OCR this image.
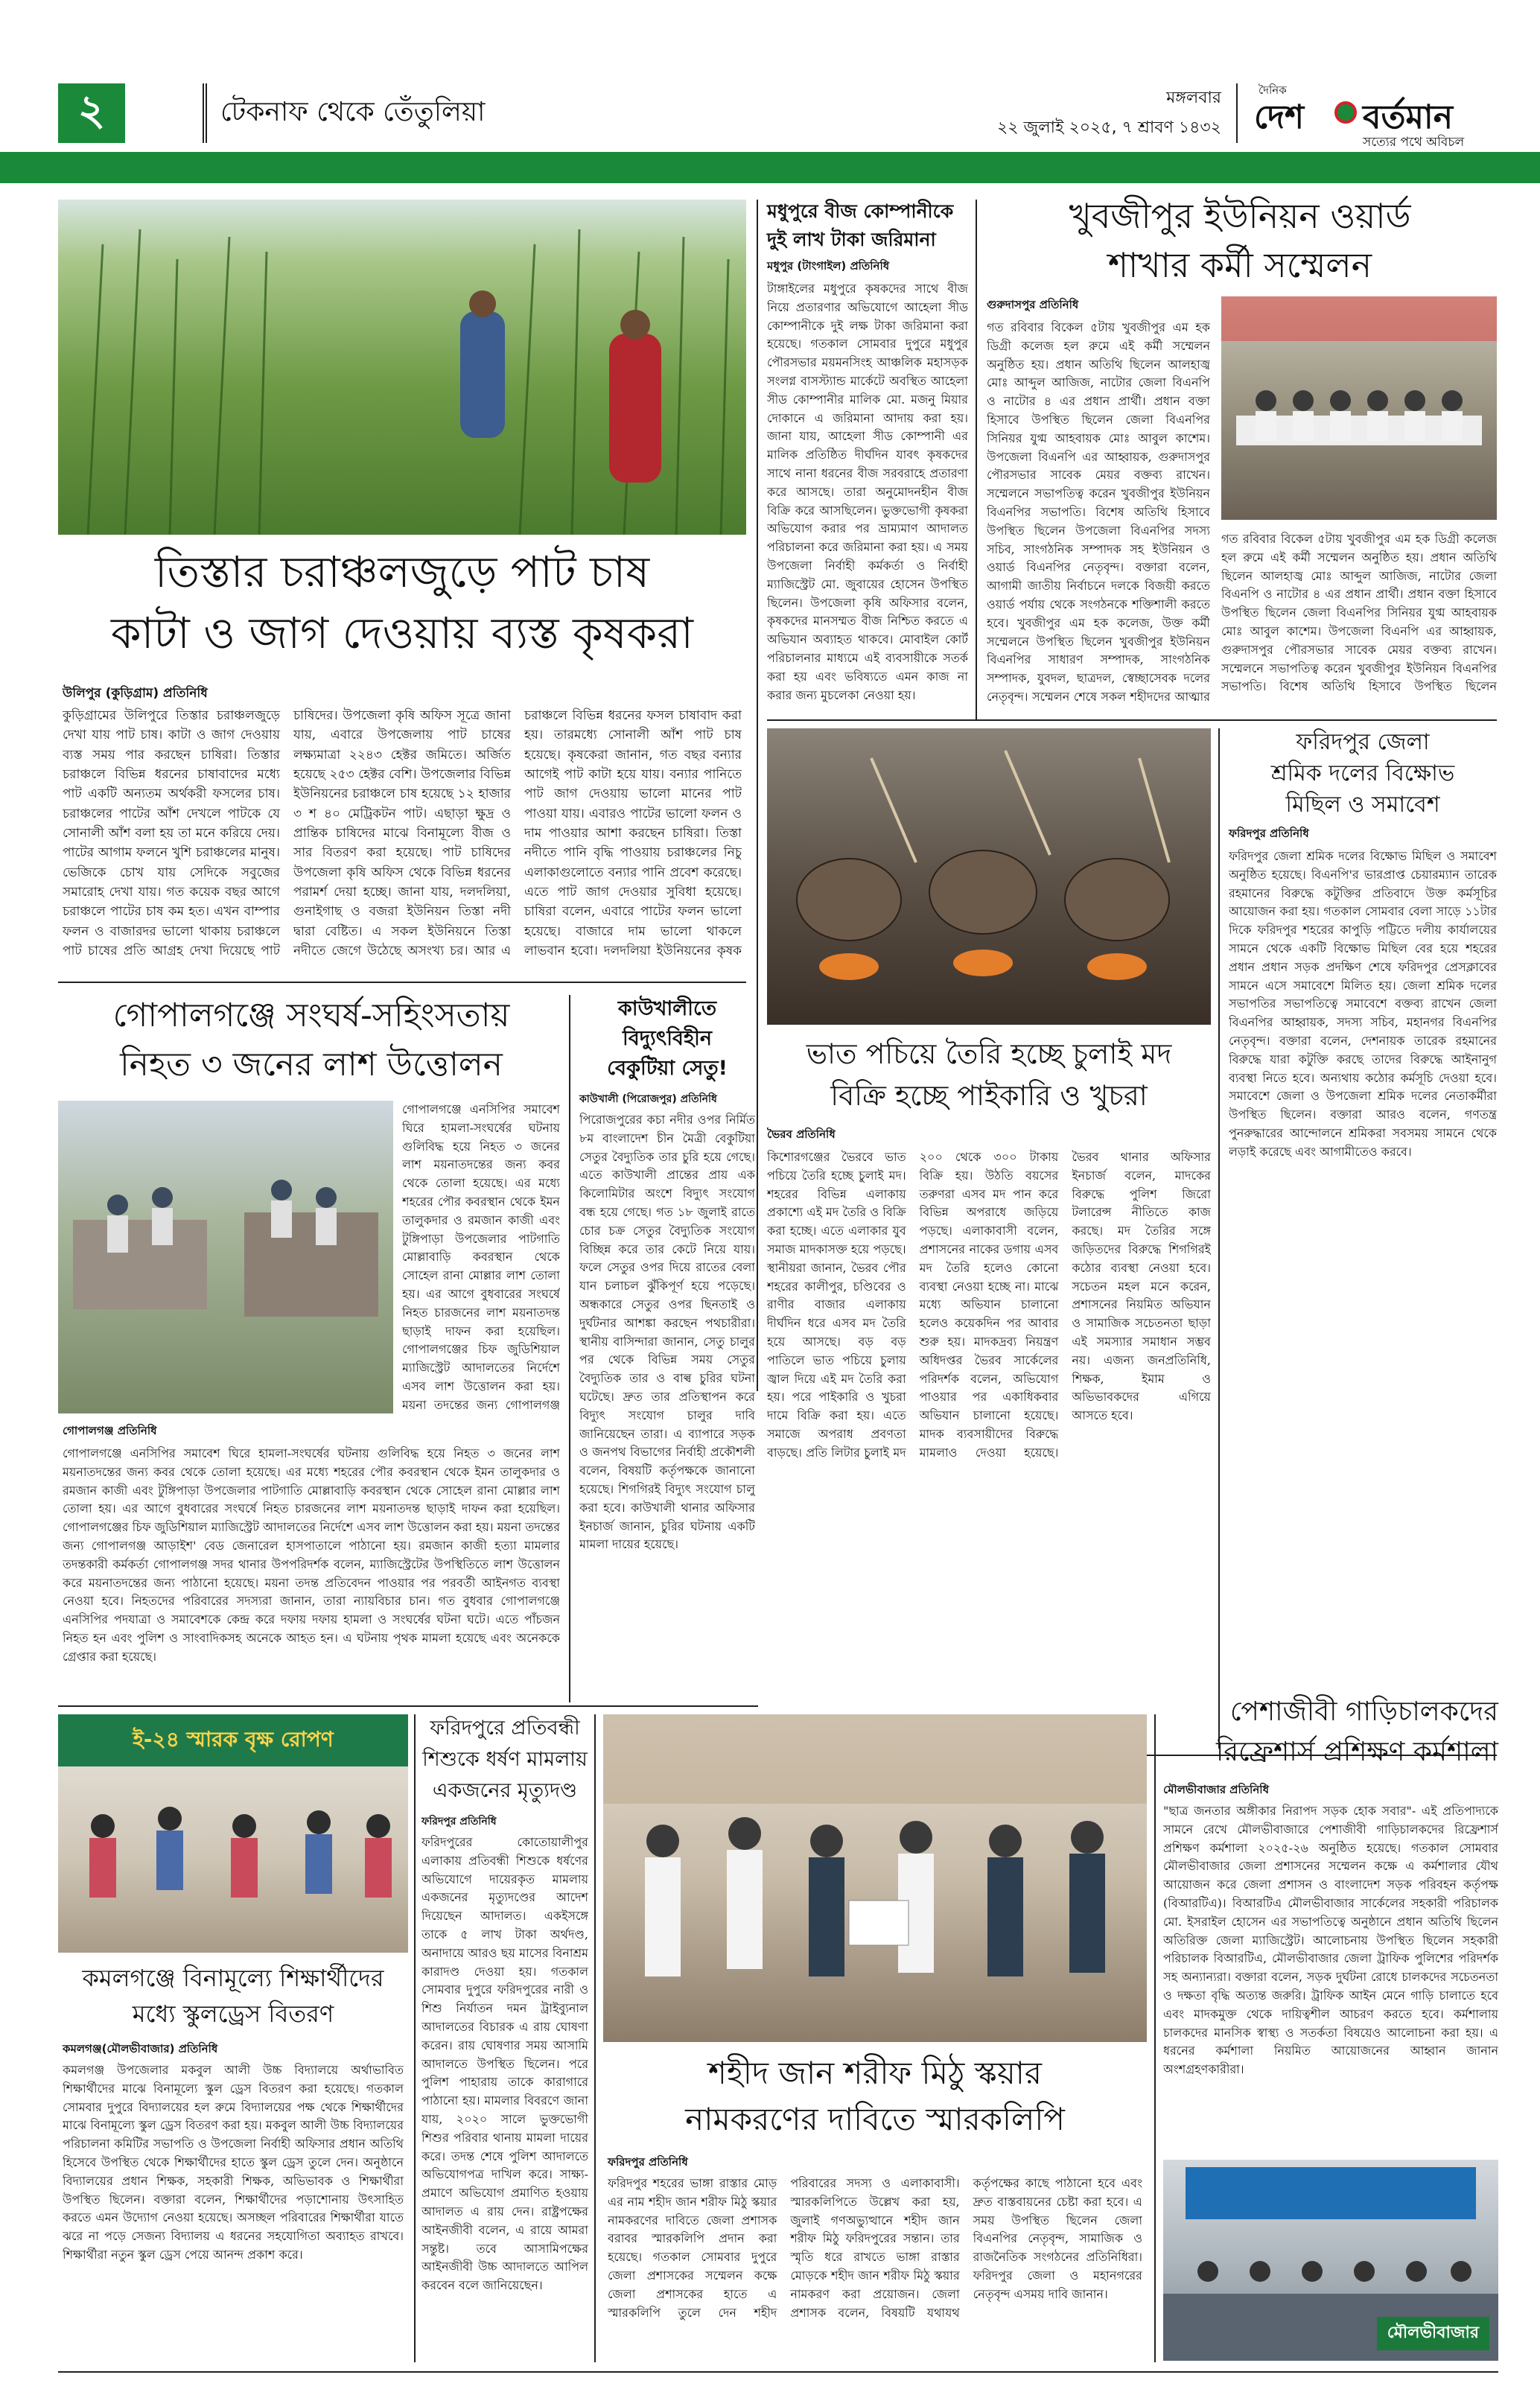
২	টেকনাফ থেকে তেঁতুলিয়া	মঙ্গলবার
২২ জুলাই ২০২৫, ৭ শ্রাবণ ১৪৩২
দৈনিক
দেশ বর্তমান
সত্যের পথে অবিচল
তিস্তার চরাঞ্চলজুড়ে পাট চাষ
কাটা ও জাগ দেওয়ায় ব্যস্ত কৃষকরা
উলিপুর (কুড়িগ্রাম) প্রতিনিধি
কুড়িগ্রামের উলিপুরে তিস্তার চরাঞ্চলজুড়ে দেখা যায় পাট চাষ। কাটা ও জাগ দেওয়ায় ব্যস্ত সময় পার করছেন চাষিরা। তিস্তার চরাঞ্চলে বিভিন্ন ধরনের চাষাবাদের মধ্যে পাট একটি অন্যতম অর্থকরী ফসলের চাষ। চরাঞ্চলের পাটের আঁশ দেখলে পাটকে যে সোনালী আঁশ বলা হয় তা মনে করিয়ে দেয়। পাটের আগাম ফলনে খুশি চরাঞ্চলের মানুষ। ভেজিকে চোখ যায় সেদিকে সবুজের সমারোহ দেখা যায়। গত কয়েক বছর আগে চরাঞ্চলে পাটের চাষ কম হত। এখন বাম্পার ফলন ও বাজারদর ভালো থাকায় চরাঞ্চলে পাট চাষের প্রতি আগ্রহ দেখা দিয়েছে পাট চাষিদের। উপজেলা কৃষি অফিস সূত্রে জানা যায়, এবারে উপজেলায় পাট চাষের লক্ষ্যমাত্রা ২২৪৩ হেক্টর জমিতে। অর্জিত হয়েছে ২৫৩ হেক্টর বেশি। উপজেলার বিভিন্ন ইউনিয়নের চরাঞ্চলে চাষ হয়েছে ১২ হাজার ৩ শ ৪০ মেট্রিকটন পাট। এছাড়া ক্ষুদ্র ও প্রান্তিক চাষিদের মাঝে বিনামূল্যে বীজ ও সার বিতরণ করা হয়েছে। পাট চাষিদের উপজেলা কৃষি অফিস থেকে বিভিন্ন ধরনের পরামর্শ দেয়া হচ্ছে। জানা যায়, দলদলিয়া, গুনাইগাছ ও বজরা ইউনিয়ন তিস্তা নদী দ্বারা বেষ্টিত। এ সকল ইউনিয়নে তিস্তা নদীতে জেগে উঠেছে অসংখ্য চর। আর এ চরাঞ্চলে বিভিন্ন ধরনের ফসল চাষাবাদ করা হয়। তারমধ্যে সোনালী আঁশ পাট চাষ হয়েছে। কৃষকেরা জানান, গত বছর বন্যার আগেই পাট কাটা হয়ে যায়। বন্যার পানিতে পাট জাগ দেওয়ায় ভালো মানের পাট পাওয়া যায়। এবারও পাটের ভালো ফলন ও দাম পাওয়ার আশা করছেন চাষিরা। তিস্তা নদীতে পানি বৃদ্ধি পাওয়ায় চরাঞ্চলের নিচু এলাকাগুলোতে বন্যার পানি প্রবেশ করেছে। এতে পাট জাগ দেওয়ার সুবিধা হয়েছে। চাষিরা বলেন, এবারে পাটের ফলন ভালো হয়েছে। বাজারে দাম ভালো থাকলে লাভবান হবো। দলদলিয়া ইউনিয়নের কৃষক
মধুপুরে বীজ কোম্পানীকে
দুই লাখ টাকা জরিমানা
মধুপুর (টাংগাইল) প্রতিনিধি
টাঙ্গাইলের মধুপুরে কৃষকদের সাথে বীজ নিয়ে প্রতারণার অভিযোগে আহেলা সীড কোম্পানীকে দুই লক্ষ টাকা জরিমানা করা হয়েছে। গতকাল সোমবার দুপুরে মধুপুর পৌরসভার ময়মনসিংহ আঞ্চলিক মহাসড়ক সংলগ্ন বাসস্ট্যান্ড মার্কেটে অবস্থিত আহেলা সীড কোম্পানীর মালিক মো. মজনু মিয়ার দোকানে এ জরিমানা আদায় করা হয়। জানা যায়, আহেলা সীড কোম্পানী এর মালিক প্রতিষ্ঠিত দীর্ঘদিন যাবৎ কৃষকদের সাথে নানা ধরনের বীজ সরবরাহে প্রতারণা করে আসছে। তারা অনুমোদনহীন বীজ বিক্রি করে আসছিলেন। ভুক্তভোগী কৃষকরা অভিযোগ করার পর ভ্রাম্যমাণ আদালত পরিচালনা করে জরিমানা করা হয়। এ সময় উপজেলা নির্বাহী কর্মকর্তা ও নির্বাহী ম্যাজিস্ট্রেট মো. জুবায়ের হোসেন উপস্থিত ছিলেন। উপজেলা কৃষি অফিসার বলেন, কৃষকদের মানসম্মত বীজ নিশ্চিত করতে এ অভিযান অব্যাহত থাকবে। মোবাইল কোর্ট পরিচালনার মাধ্যমে এই ব্যবসায়ীকে সতর্ক করা হয় এবং ভবিষ্যতে এমন কাজ না করার জন্য মুচলেকা নেওয়া হয়।
খুবজীপুর ইউনিয়ন ওয়ার্ড
শাখার কর্মী সম্মেলন
গুরুদাসপুর প্রতিনিধি
গত রবিবার বিকেল ৫টায় খুবজীপুর এম হক ডিগ্রী কলেজ হল রুমে এই কর্মী সম্মেলন অনুষ্ঠিত হয়। প্রধান অতিথি ছিলেন আলহাজ্ব মোঃ আব্দুল আজিজ, নাটোর জেলা বিএনপি ও নাটোর ৪ এর প্রধান প্রার্থী। প্রধান বক্তা হিসাবে উপস্থিত ছিলেন জেলা বিএনপির সিনিয়র যুগ্ম আহবায়ক মোঃ আবুল কাশেম। উপজেলা বিএনপি এর আহ্বায়ক, গুরুদাসপুর পৌরসভার সাবেক মেয়র বক্তব্য রাখেন। সম্মেলনে সভাপতিত্ব করেন খুবজীপুর ইউনিয়ন বিএনপির সভাপতি। বিশেষ অতিথি হিসাবে উপস্থিত ছিলেন উপজেলা বিএনপির সদস্য সচিব, সাংগঠনিক সম্পাদক সহ ইউনিয়ন ও ওয়ার্ড বিএনপির নেতৃবৃন্দ। বক্তারা বলেন, আগামী জাতীয় নির্বাচনে দলকে বিজয়ী করতে ওয়ার্ড পর্যায় থেকে সংগঠনকে শক্তিশালী করতে হবে। খুবজীপুর এম হক কলেজ, উক্ত কর্মী সম্মেলনে উপস্থিত ছিলেন খুবজীপুর ইউনিয়ন বিএনপির সাধারণ সম্পাদক, সাংগঠনিক সম্পাদক, যুবদল, ছাত্রদল, স্বেচ্ছাসেবক দলের নেতৃবৃন্দ। সম্মেলন শেষে সকল শহীদদের আত্মার
গত রবিবার বিকেল ৫টায় খুবজীপুর এম হক ডিগ্রী কলেজ হল রুমে এই কর্মী সম্মেলন অনুষ্ঠিত হয়। প্রধান অতিথি ছিলেন আলহাজ্ব মোঃ আব্দুল আজিজ, নাটোর জেলা বিএনপি ও নাটোর ৪ এর প্রধান প্রার্থী। প্রধান বক্তা হিসাবে উপস্থিত ছিলেন জেলা বিএনপির সিনিয়র যুগ্ম আহবায়ক মোঃ আবুল কাশেম। উপজেলা বিএনপি এর আহ্বায়ক, গুরুদাসপুর পৌরসভার সাবেক মেয়র বক্তব্য রাখেন। সম্মেলনে সভাপতিত্ব করেন খুবজীপুর ইউনিয়ন বিএনপির সভাপতি। বিশেষ অতিথি হিসাবে উপস্থিত ছিলেন
ফরিদপুর জেলা
শ্রমিক দলের বিক্ষোভ
মিছিল ও সমাবেশ
ফরিদপুর প্রতিনিধি
ফরিদপুর জেলা শ্রমিক দলের বিক্ষোভ মিছিল ও সমাবেশ অনুষ্ঠিত হয়েছে। বিএনপি'র ভারপ্রাপ্ত চেয়ারম্যান তারেক রহমানের বিরুদ্ধে কটুক্তির প্রতিবাদে উক্ত কর্মসূচির আয়োজন করা হয়। গতকাল সোমবার বেলা সাড়ে ১১টার দিকে ফরিদপুর শহরের কাপুড়ি পট্টিতে দলীয় কার্যালয়ের সামনে থেকে একটি বিক্ষোভ মিছিল বের হয়ে শহরের প্রধান প্রধান সড়ক প্রদক্ষিণ শেষে ফরিদপুর প্রেসক্লাবের সামনে এসে সমাবেশে মিলিত হয়। জেলা শ্রমিক দলের সভাপতির সভাপতিত্বে সমাবেশে বক্তব্য রাখেন জেলা বিএনপির আহ্বায়ক, সদস্য সচিব, মহানগর বিএনপির নেতৃবৃন্দ। বক্তারা বলেন, দেশনায়ক তারেক রহমানের বিরুদ্ধে যারা কটুক্তি করছে তাদের বিরুদ্ধে আইনানুগ ব্যবস্থা নিতে হবে। অন্যথায় কঠোর কর্মসূচি দেওয়া হবে। সমাবেশে জেলা ও উপজেলা শ্রমিক দলের নেতাকর্মীরা উপস্থিত ছিলেন। বক্তারা আরও বলেন, গণতন্ত্র পুনরুদ্ধারের আন্দোলনে শ্রমিকরা সবসময় সামনে থেকে লড়াই করেছে এবং আগামীতেও করবে।
ভাত পচিয়ে তৈরি হচ্ছে চুলাই মদ
বিক্রি হচ্ছে পাইকারি ও খুচরা
ভৈরব প্রতিনিধি
কিশোরগঞ্জের ভৈরবে ভাত পচিয়ে তৈরি হচ্ছে চুলাই মদ। শহরের বিভিন্ন এলাকায় প্রকাশ্যে এই মদ তৈরি ও বিক্রি করা হচ্ছে। এতে এলাকার যুব সমাজ মাদকাসক্ত হয়ে পড়ছে। স্থানীয়রা জানান, ভৈরব পৌর শহরের কালীপুর, চণ্ডিবের ও রাণীর বাজার এলাকায় দীর্ঘদিন ধরে এসব মদ তৈরি হয়ে আসছে। বড় বড় পাতিলে ভাত পচিয়ে চুলায় জ্বাল দিয়ে এই মদ তৈরি করা হয়। পরে পাইকারি ও খুচরা দামে বিক্রি করা হয়। এতে সমাজে অপরাধ প্রবণতা বাড়ছে। প্রতি লিটার চুলাই মদ ২০০ থেকে ৩০০ টাকায় বিক্রি হয়। উঠতি বয়সের তরুণরা এসব মদ পান করে বিভিন্ন অপরাধে জড়িয়ে পড়ছে। এলাকাবাসী বলেন, প্রশাসনের নাকের ডগায় এসব মদ তৈরি হলেও কোনো ব্যবস্থা নেওয়া হচ্ছে না। মাঝে মধ্যে অভিযান চালানো হলেও কয়েকদিন পর আবার শুরু হয়। মাদকদ্রব্য নিয়ন্ত্রণ অধিদপ্তর ভৈরব সার্কেলের পরিদর্শক বলেন, অভিযোগ পাওয়ার পর একাধিকবার অভিযান চালানো হয়েছে। মাদক ব্যবসায়ীদের বিরুদ্ধে মামলাও দেওয়া হয়েছে। ভৈরব থানার অফিসার ইনচার্জ বলেন, মাদকের বিরুদ্ধে পুলিশ জিরো টলারেন্স নীতিতে কাজ করছে। মদ তৈরির সঙ্গে জড়িতদের বিরুদ্ধে শিগগিরই কঠোর ব্যবস্থা নেওয়া হবে। সচেতন মহল মনে করেন, প্রশাসনের নিয়মিত অভিযান ও সামাজিক সচেতনতা ছাড়া এই সমস্যার সমাধান সম্ভব নয়। এজন্য জনপ্রতিনিধি, শিক্ষক, ইমাম ও অভিভাবকদের এগিয়ে আসতে হবে।
গোপালগঞ্জে সংঘর্ষ-সহিংসতায়
নিহত ৩ জনের লাশ উত্তোলন
গোপালগঞ্জ প্রতিনিধি
গোপালগঞ্জে এনসিপির সমাবেশ ঘিরে হামলা-সংঘর্ষের ঘটনায় গুলিবিদ্ধ হয়ে নিহত ৩ জনের লাশ ময়নাতদন্তের জন্য কবর থেকে তোলা হয়েছে। এর মধ্যে শহরের পৌর কবরস্থান থেকে ইমন তালুকদার ও রমজান কাজী এবং টুঙ্গিপাড়া উপজেলার পাটগাতি মোল্লাবাড়ি কবরস্থান থেকে সোহেল রানা মোল্লার লাশ তোলা হয়। এর আগে বুধবারের সংঘর্ষে নিহত চারজনের লাশ ময়নাতদন্ত ছাড়াই দাফন করা হয়েছিল। গোপালগঞ্জের চিফ জুডিশিয়াল ম্যাজিস্ট্রেট আদালতের নির্দেশে এসব লাশ উত্তোলন করা হয়। ময়না তদন্তের জন্য গোপালগঞ্জ আড়াইশ' বেড জেনারেল হাসপাতালে পাঠানো হয়। রমজান কাজী হত্যা মামলার তদন্তকারী কর্মকর্তা গোপালগঞ্জ সদর থানার উপপরিদর্শক বলেন, ম্যাজিস্ট্রেটের উপস্থিতিতে লাশ উত্তোলন করে ময়নাতদন্তের জন্য পাঠানো হয়েছে। ময়না তদন্ত প্রতিবেদন পাওয়ার পর পরবর্তী আইনগত ব্যবস্থা নেওয়া হবে। নিহতদের পরিবারের সদস্যরা জানান, তারা ন্যায়বিচার চান। গত বুধবার গোপালগঞ্জে এনসিপির পদযাত্রা ও সমাবেশকে কেন্দ্র করে দফায় দফায় হামলা ও সংঘর্ষের ঘটনা ঘটে। এতে পাঁচজন নিহত হন এবং পুলিশ ও সাংবাদিকসহ অনেকে আহত হন। এ ঘটনায় পৃথক মামলা হয়েছে এবং অনেককে গ্রেপ্তার করা হয়েছে।
গোপালগঞ্জে এনসিপির সমাবেশ ঘিরে হামলা-সংঘর্ষের ঘটনায় গুলিবিদ্ধ হয়ে নিহত ৩ জনের লাশ ময়নাতদন্তের জন্য কবর থেকে তোলা হয়েছে। এর মধ্যে শহরের পৌর কবরস্থান থেকে ইমন তালুকদার ও রমজান কাজী এবং টুঙ্গিপাড়া উপজেলার পাটগাতি মোল্লাবাড়ি কবরস্থান থেকে সোহেল রানা মোল্লার লাশ তোলা হয়। এর আগে বুধবারের সংঘর্ষে নিহত চারজনের লাশ ময়নাতদন্ত ছাড়াই দাফন করা হয়েছিল। গোপালগঞ্জের চিফ জুডিশিয়াল ম্যাজিস্ট্রেট আদালতের নির্দেশে এসব লাশ উত্তোলন করা হয়। ময়না তদন্তের জন্য গোপালগঞ্জ
কাউখালীতে
বিদ্যুৎবিহীন
বেকুটিয়া সেতু!
কাউখালী (পিরোজপুর) প্রতিনিধি
পিরোজপুরের কচা নদীর ওপর নির্মিত ৮ম বাংলাদেশ চীন মৈত্রী বেকুটিয়া সেতুর বৈদ্যুতিক তার চুরি হয়ে গেছে। এতে কাউখালী প্রান্তের প্রায় এক কিলোমিটার অংশে বিদ্যুৎ সংযোগ বন্ধ হয়ে গেছে। গত ১৮ জুলাই রাতে চোর চক্র সেতুর বৈদ্যুতিক সংযোগ বিচ্ছিন্ন করে তার কেটে নিয়ে যায়। ফলে সেতুর ওপর দিয়ে রাতের বেলা যান চলাচল ঝুঁকিপূর্ণ হয়ে পড়েছে। অন্ধকারে সেতুর ওপর ছিনতাই ও দুর্ঘটনার আশঙ্কা করছেন পথচারীরা। স্থানীয় বাসিন্দারা জানান, সেতু চালুর পর থেকে বিভিন্ন সময় সেতুর বৈদ্যুতিক তার ও বাল্ব চুরির ঘটনা ঘটেছে। দ্রুত তার প্রতিস্থাপন করে বিদ্যুৎ সংযোগ চালুর দাবি জানিয়েছেন তারা। এ ব্যাপারে সড়ক ও জনপথ বিভাগের নির্বাহী প্রকৌশলী বলেন, বিষয়টি কর্তৃপক্ষকে জানানো হয়েছে। শিগগিরই বিদ্যুৎ সংযোগ চালু করা হবে। কাউখালী থানার অফিসার ইনচার্জ জানান, চুরির ঘটনায় একটি মামলা দায়ের হয়েছে।
ই-২৪ স্মারক বৃক্ষ রোপণ
কমলগঞ্জে বিনামূল্যে শিক্ষার্থীদের
মধ্যে স্কুলড্রেস বিতরণ
কমলগঞ্জ(মৌলভীবাজার) প্রতিনিধি
কমলগঞ্জ উপজেলার মকবুল আলী উচ্চ বিদ্যালয়ে অর্থাভাবিত শিক্ষার্থীদের মাঝে বিনামূল্যে স্কুল ড্রেস বিতরণ করা হয়েছে। গতকাল সোমবার দুপুরে বিদ্যালয়ের হল রুমে বিদ্যালয়ের পক্ষ থেকে শিক্ষার্থীদের মাঝে বিনামূল্যে স্কুল ড্রেস বিতরণ করা হয়। মকবুল আলী উচ্চ বিদ্যালয়ের পরিচালনা কমিটির সভাপতি ও উপজেলা নির্বাহী অফিসার প্রধান অতিথি হিসেবে উপস্থিত থেকে শিক্ষার্থীদের হাতে স্কুল ড্রেস তুলে দেন। অনুষ্ঠানে বিদ্যালয়ের প্রধান শিক্ষক, সহকারী শিক্ষক, অভিভাবক ও শিক্ষার্থীরা উপস্থিত ছিলেন। বক্তারা বলেন, শিক্ষার্থীদের পড়াশোনায় উৎসাহিত করতে এমন উদ্যোগ নেওয়া হয়েছে। অসচ্ছল পরিবারের শিক্ষার্থীরা যাতে ঝরে না পড়ে সেজন্য বিদ্যালয় এ ধরনের সহযোগিতা অব্যাহত রাখবে। শিক্ষার্থীরা নতুন স্কুল ড্রেস পেয়ে আনন্দ প্রকাশ করে।
ফরিদপুরে প্রতিবন্ধী
শিশুকে ধর্ষণ মামলায়
একজনের মৃত্যুদণ্ড
ফরিদপুর প্রতিনিধি
ফরিদপুরের কোতোয়ালীপুর এলাকায় প্রতিবন্ধী শিশুকে ধর্ষণের অভিযোগে দায়েরকৃত মামলায় একজনের মৃত্যুদণ্ডের আদেশ দিয়েছেন আদালত। একইসঙ্গে তাকে ৫ লাখ টাকা অর্থদণ্ড, অনাদায়ে আরও ছয় মাসের বিনাশ্রম কারাদণ্ড দেওয়া হয়। গতকাল সোমবার দুপুরে ফরিদপুরের নারী ও শিশু নির্যাতন দমন ট্রাইব্যুনাল আদালতের বিচারক এ রায় ঘোষণা করেন। রায় ঘোষণার সময় আসামি আদালতে উপস্থিত ছিলেন। পরে পুলিশ পাহারায় তাকে কারাগারে পাঠানো হয়। মামলার বিবরণে জানা যায়, ২০২০ সালে ভুক্তভোগী শিশুর পরিবার থানায় মামলা দায়ের করে। তদন্ত শেষে পুলিশ আদালতে অভিযোগপত্র দাখিল করে। সাক্ষ্য-প্রমাণে অভিযোগ প্রমাণিত হওয়ায় আদালত এ রায় দেন। রাষ্ট্রপক্ষের আইনজীবী বলেন, এ রায়ে আমরা সন্তুষ্ট। তবে আসামিপক্ষের আইনজীবী উচ্চ আদালতে আপিল করবেন বলে জানিয়েছেন।
শহীদ জান শরীফ মিঠু স্কয়ার
নামকরণের দাবিতে স্মারকলিপি
ফরিদপুর প্রতিনিধি
ফরিদপুর শহরের ভাঙ্গা রাস্তার মোড় এর নাম শহীদ জান শরীফ মিঠু স্কয়ার নামকরণের দাবিতে জেলা প্রশাসক বরাবর স্মারকলিপি প্রদান করা হয়েছে। গতকাল সোমবার দুপুরে জেলা প্রশাসকের সম্মেলন কক্ষে জেলা প্রশাসকের হাতে এ স্মারকলিপি তুলে দেন শহীদ পরিবারের সদস্য ও এলাকাবাসী। স্মারকলিপিতে উল্লেখ করা হয়, জুলাই গণঅভ্যুত্থানে শহীদ জান শরীফ মিঠু ফরিদপুরের সন্তান। তার স্মৃতি ধরে রাখতে ভাঙ্গা রাস্তার মোড়কে শহীদ জান শরীফ মিঠু স্কয়ার নামকরণ করা প্রয়োজন। জেলা প্রশাসক বলেন, বিষয়টি যথাযথ কর্তৃপক্ষের কাছে পাঠানো হবে এবং দ্রুত বাস্তবায়নের চেষ্টা করা হবে। এ সময় উপস্থিত ছিলেন জেলা বিএনপির নেতৃবৃন্দ, সামাজিক ও রাজনৈতিক সংগঠনের প্রতিনিধিরা। ফরিদপুর জেলা ও মহানগরের নেতৃবৃন্দ এসময় দাবি জানান।
পেশাজীবী গাড়িচালকদের
রিফ্রেশার্স প্রশিক্ষণ কর্মশালা
মৌলভীবাজার প্রতিনিধি
"ছাত্র জনতার অঙ্গীকার নিরাপদ সড়ক হোক সবার"- এই প্রতিপাদ্যকে সামনে রেখে মৌলভীবাজারে পেশাজীবী গাড়িচালকদের রিফ্রেশার্স প্রশিক্ষণ কর্মশালা ২০২৫-২৬ অনুষ্ঠিত হয়েছে। গতকাল সোমবার মৌলভীবাজার জেলা প্রশাসনের সম্মেলন কক্ষে এ কর্মশালার যৌথ আয়োজন করে জেলা প্রশাসন ও বাংলাদেশ সড়ক পরিবহন কর্তৃপক্ষ (বিআরটিএ)। বিআরটিএ মৌলভীবাজার সার্কেলের সহকারী পরিচালক মো. ইসরাইল হোসেন এর সভাপতিত্বে অনুষ্ঠানে প্রধান অতিথি ছিলেন অতিরিক্ত জেলা ম্যাজিস্ট্রেট। আলোচনায় উপস্থিত ছিলেন সহকারী পরিচালক বিআরটিএ, মৌলভীবাজার জেলা ট্রাফিক পুলিশের পরিদর্শক সহ অন্যান্যরা। বক্তারা বলেন, সড়ক দুর্ঘটনা রোধে চালকদের সচেতনতা ও দক্ষতা বৃদ্ধি অত্যন্ত জরুরি। ট্রাফিক আইন মেনে গাড়ি চালাতে হবে এবং মাদকমুক্ত থেকে দায়িত্বশীল আচরণ করতে হবে। কর্মশালায় চালকদের মানসিক স্বাস্থ্য ও সতর্কতা বিষয়েও আলোচনা করা হয়। এ ধরনের কর্মশালা নিয়মিত আয়োজনের আহ্বান জানান অংশগ্রহণকারীরা।
মৌলভীবাজার
